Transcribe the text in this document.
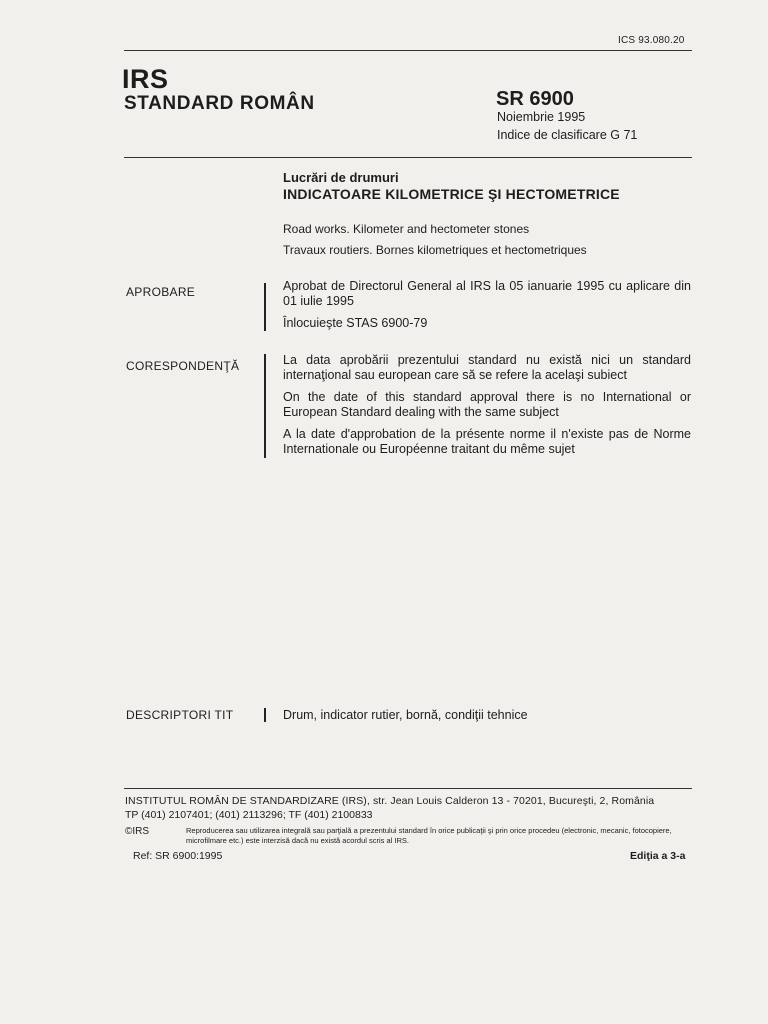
ICS 93.080.20
IRS
STANDARD ROMÂN	SR 6900
Noiembrie 1995
Indice de clasificare G 71
Lucrări de drumuri
INDICATOARE KILOMETRICE ŞI HECTOMETRICE
Road works. Kilometer and hectometer stones
Travaux routiers. Bornes kilometriques et hectometriques
APROBARE	Aprobat de Directorul General al IRS la 05 ianuarie 1995 cu aplicare din 01 iulie 1995
Înlocuieşte STAS 6900-79
CORESPONDENŢĂ	La data aprobării prezentului standard nu există nici un standard internaţional sau european care să se refere la acelaşi subiect
On the date of this standard approval there is no International or European Standard dealing with the same subject
A la date d'approbation de la présente norme il n'existe pas de Norme Internationale ou Européenne traitant du même sujet
DESCRIPTORI TIT	Drum, indicator rutier, bornă, condiţii tehnice
INSTITUTUL ROMÂN DE STANDARDIZARE (IRS), str. Jean Louis Calderon 13 - 70201, Bucureşti, 2, România
TP (401) 2107401; (401) 2113296; TF (401) 2100833
©IRS	Reproducerea sau utilizarea integrală sau parţială a prezentului standard în orice publicaţii şi prin orice procedeu (electronic, mecanic, fotocopiere, microfilmare etc.) este interzisă dacă nu există acordul scris al IRS.
Ref: SR 6900:1995	Ediţia a 3-a
